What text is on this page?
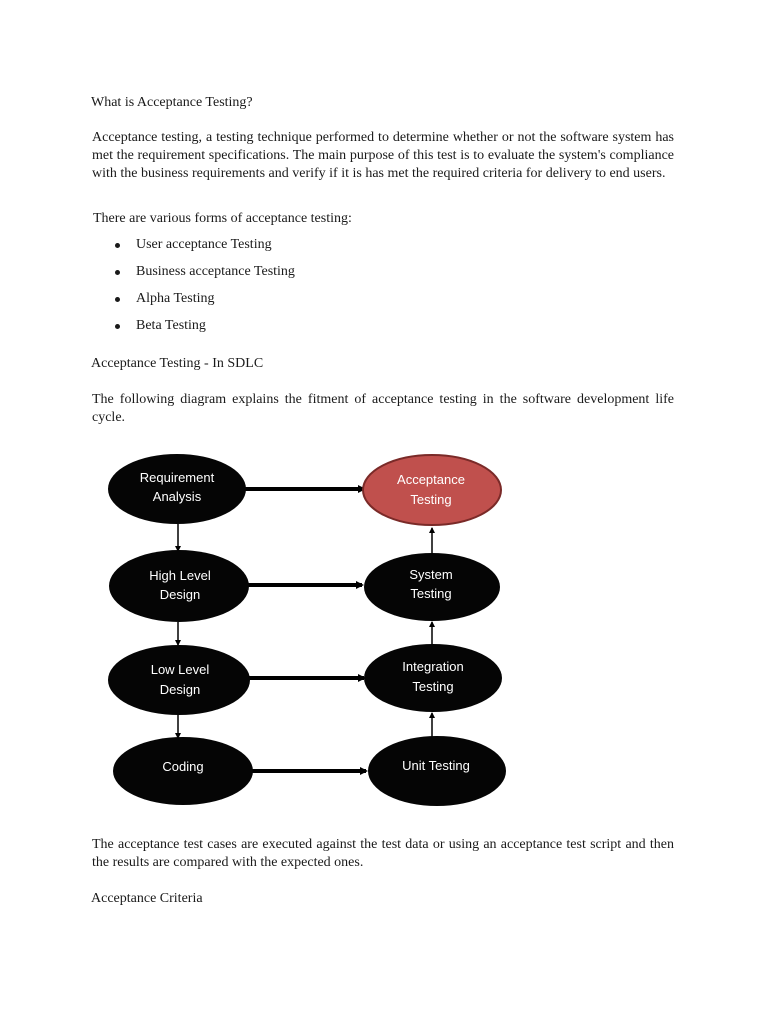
What is Acceptance Testing?
Acceptance testing, a testing technique performed to determine whether or not the software system has met the requirement specifications. The main purpose of this test is to evaluate the system's compliance with the business requirements and verify if it is has met the required criteria for delivery to end users.
There are various forms of acceptance testing:
User acceptance Testing
Business acceptance Testing
Alpha Testing
Beta Testing
Acceptance Testing - In SDLC
The following diagram explains the fitment of acceptance testing in the software development life cycle.
Requirement
Analysis
High Level
Design
Low Level
Design
Coding
Acceptance
Testing
System
Testing
Integration
Testing
Unit Testing
The acceptance test cases are executed against the test data or using an acceptance test script and then the results are compared with the expected ones.
Acceptance Criteria
